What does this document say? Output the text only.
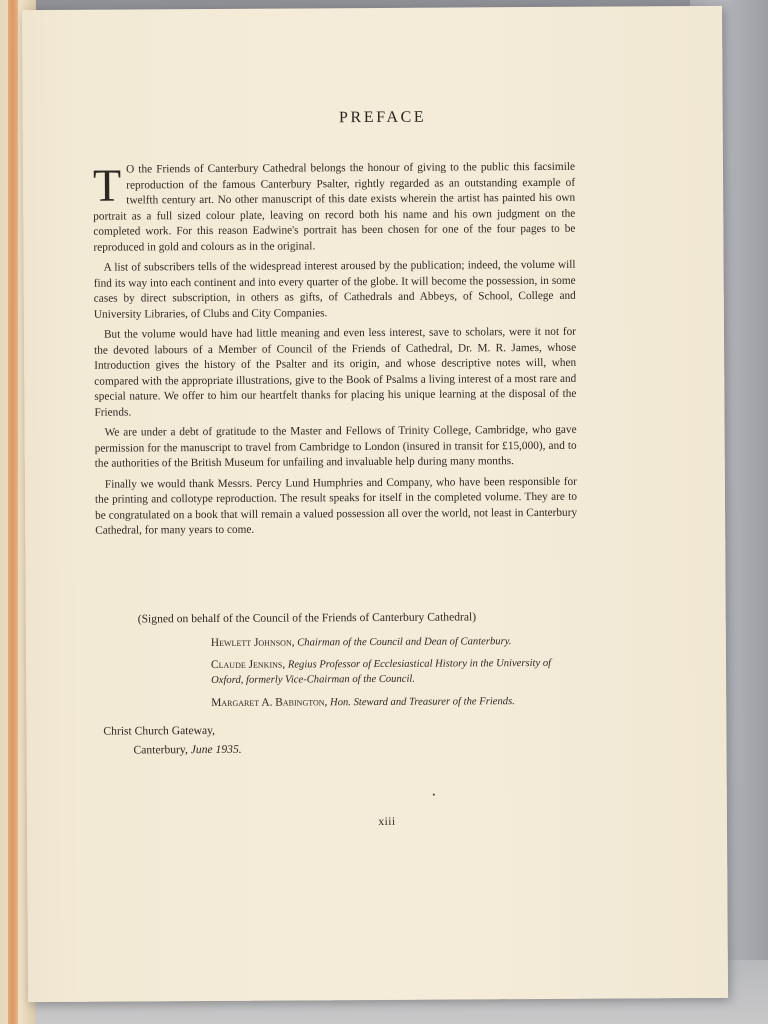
PREFACE

T O the Friends of Canterbury Cathedral belongs the honour of giving to the public this facsimile reproduction of the famous Canterbury Psalter, rightly regarded as an outstanding example of twelfth century art. No other manuscript of this date exists wherein the artist has painted his own portrait as a full sized colour plate, leaving on record both his name and his own judgment on the completed work. For this reason Eadwine's portrait has been chosen for one of the four pages to be reproduced in gold and colours as in the original.

A list of subscribers tells of the widespread interest aroused by the publication; indeed, the volume will find its way into each continent and into every quarter of the globe. It will become the possession, in some cases by direct subscription, in others as gifts, of Cathedrals and Abbeys, of School, College and University Libraries, of Clubs and City Companies.

But the volume would have had little meaning and even less interest, save to scholars, were it not for the devoted labours of a Member of Council of the Friends of Cathedral, Dr. M. R. James, whose Introduction gives the history of the Psalter and its origin, and whose descriptive notes will, when compared with the appropriate illustrations, give to the Book of Psalms a living interest of a most rare and special nature. We offer to him our heartfelt thanks for placing his unique learning at the disposal of the Friends.

We are under a debt of gratitude to the Master and Fellows of Trinity College, Cambridge, who gave permission for the manuscript to travel from Cambridge to London (insured in transit for £15,000), and to the authorities of the British Museum for unfailing and invaluable help during many months.

Finally we would thank Messrs. Percy Lund Humphries and Company, who have been responsible for the printing and collotype reproduction. The result speaks for itself in the completed volume. They are to be congratulated on a book that will remain a valued possession all over the world, not least in Canterbury Cathedral, for many years to come.

(Signed on behalf of the Council of the Friends of Canterbury Cathedral)
Hewlett Johnson, Chairman of the Council and Dean of Canterbury.
Claude Jenkins, Regius Professor of Ecclesiastical History in the University of Oxford, formerly Vice-Chairman of the Council.
Margaret A. Babington, Hon. Steward and Treasurer of the Friends.
Christ Church Gateway,
Canterbury, June 1935.
xiii
